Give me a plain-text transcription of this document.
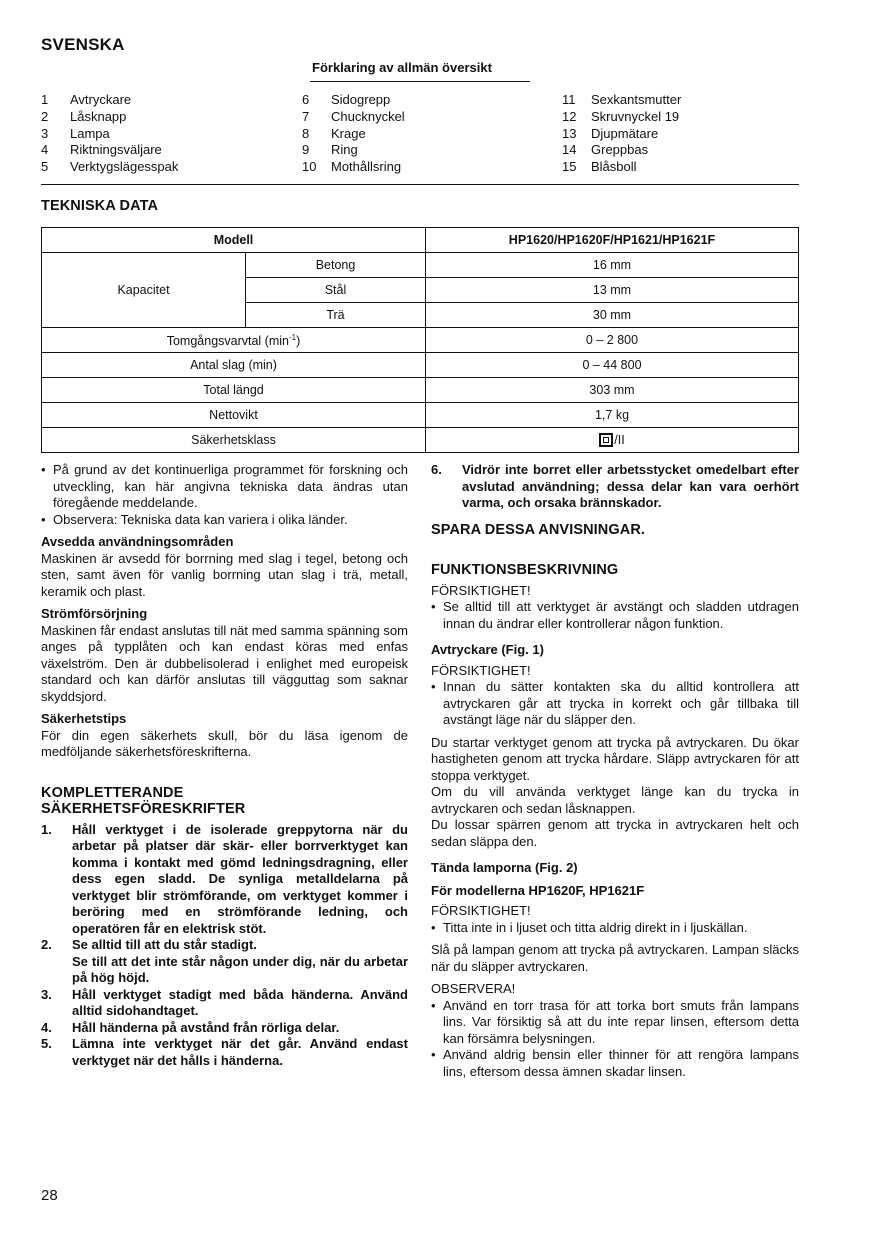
SVENSKA
Förklaring av allmän översikt
1	Avtryckare
2	Låsknapp
3	Lampa
4	Riktningsväljare
5	Verktygslägesspak
6	Sidogrepp
7	Chucknyckel
8	Krage
9	Ring
10	Mothållsring
11	Sexkantsmutter
12	Skruvnyckel 19
13	Djupmätare
14	Greppbas
15	Blåsboll
TEKNISKA DATA
Modell		HP1620/HP1620F/HP1621/HP1621F
Kapacitet	Betong	16 mm
	Stål	13 mm
	Trä	30 mm
Tomgångsvarvtal $(\min^{-1})$		0 – 2 800
Antal slag (min)		0 – 44 800
Total längd		303 mm
Nettovikt		1,7 kg
Säkerhetsklass		/II
• På grund av det kontinuerliga programmet för forskning och utveckling, kan här angivna tekniska data ändras utan föregående meddelande.
• Observera: Tekniska data kan variera i olika länder.
Avsedda användningsområden

Maskinen är avsedd för borrning med slag i tegel, betong och sten, samt även för vanlig borrning utan slag i trä, metall, keramik och plast.

Strömförsörjning

Maskinen får endast anslutas till nät med samma spänning som anges på typplåten och kan endast köras med enfas växelström. Den är dubbelisolerad i enlighet med europeisk standard och kan därför anslutas till vägguttag som saknar skyddsjord.

Säkerhetstips

För din egen säkerhets skull, bör du läsa igenom de medföljande säkerhetsföreskrifterna.

KOMPLETTERANDE
SÄKERHETSFÖRESKRIFTER
1.	Håll verktyget i de isolerade greppytorna när du arbetar på platser där skär- eller borrverktyget kan komma i kontakt med gömd ledningsdragning, eller dess egen sladd. De synliga metalldelarna på verktyget blir strömförande, om verktyget kommer i beröring med en strömförande ledning, och operatören får en elektrisk stöt.
2.	Se alltid till att du står stadigt.
Se till att det inte står någon under dig, när du arbetar på hög höjd.
3.	Håll verktyget stadigt med båda händerna. Använd alltid sidohandtaget.
4.	Håll händerna på avstånd från rörliga delar.
5.	Lämna inte verktyget när det går. Använd endast verktyget när det hålls i händerna.
6.	Vidrör inte borret eller arbetsstycket omedelbart efter avslutad användning; dessa delar kan vara oerhört varma, och orsaka brännskador.
SPARA DESSA ANVISNINGAR.
FUNKTIONSBESKRIVNING
FÖRSIKTIGHET!
• Se alltid till att verktyget är avstängt och sladden utdragen innan du ändrar eller kontrollerar någon funktion.
Avtryckare (Fig. 1)
FÖRSIKTIGHET!
• Innan du sätter kontakten ska du alltid kontrollera att avtryckaren går att trycka in korrekt och går tillbaka till avstängt läge när du släpper den.

Du startar verktyget genom att trycka på avtryckaren. Du ökar hastigheten genom att trycka hårdare. Släpp avtryckaren för att stoppa verktyget.

Om du vill använda verktyget länge kan du trycka in avtryckaren och sedan låsknappen.

Du lossar spärren genom att trycka in avtryckaren helt och sedan släppa den.

Tända lamporna (Fig. 2)
För modellerna HP1620F, HP1621F
FÖRSIKTIGHET!
• Titta inte in i ljuset och titta aldrig direkt in i ljuskällan.

Slå på lampan genom att trycka på avtryckaren. Lampan släcks när du släpper avtryckaren.

OBSERVERA!
• Använd en torr trasa för att torka bort smuts från lampans lins. Var försiktig så att du inte repar linsen, eftersom detta kan försämra belysningen.
• Använd aldrig bensin eller thinner för att rengöra lampans lins, eftersom dessa ämnen skadar linsen.
28
